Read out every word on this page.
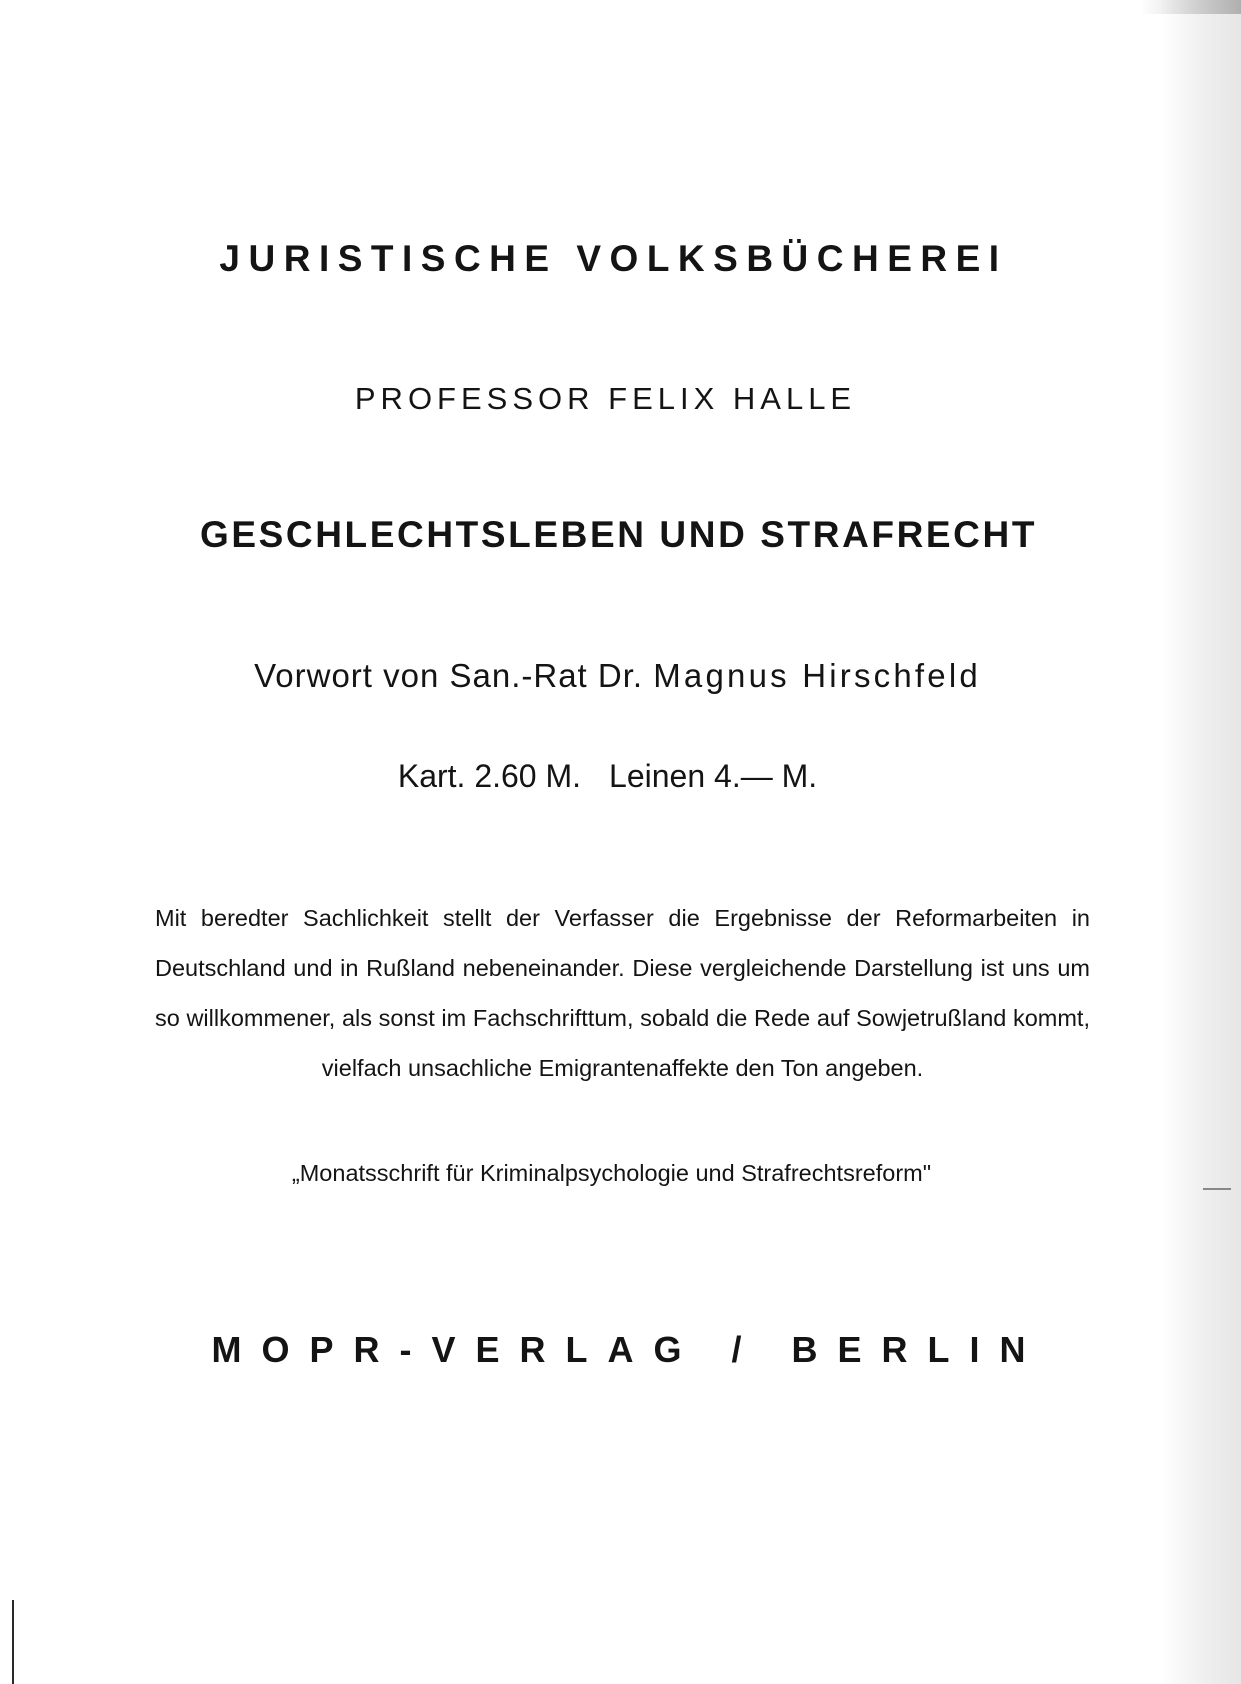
JURISTISCHE VOLKSBÜCHEREI
PROFESSOR FELIX HALLE
GESCHLECHTSLEBEN UND STRAFRECHT
Vorwort von San.-Rat Dr. Magnus Hirschfeld
Kart. 2.60 M. Leinen 4.— M.
Mit beredter Sachlichkeit stellt der Verfasser die Ergebnisse der Reformarbeiten in Deutschland und in Rußland nebeneinander. Diese vergleichende Darstellung ist uns um so willkommener, als sonst im Fachschrifttum, sobald die Rede auf Sowjetrußland kommt, vielfach unsachliche Emigrantenaffekte den Ton angeben.
„Monatsschrift für Kriminalpsychologie und Strafrechtsreform"
MOPR-VERLAG / BERLIN
